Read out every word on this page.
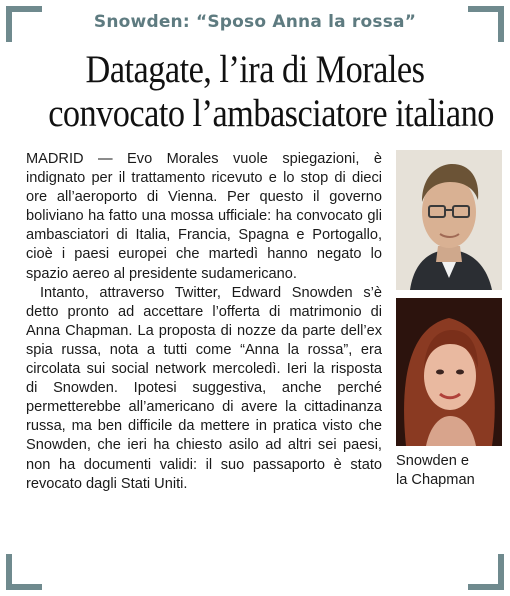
Snowden: “Sposo Anna la rossa”
Datagate, l’ira di Morales
convocato l’ambasciatore italiano

MADRID — Evo Morales vuole spiegazioni, è indignato per il trattamento ricevuto e lo stop di dieci ore all’aeroporto di Vienna. Per questo il governo boliviano ha fatto una mossa ufficiale: ha convocato gli ambasciatori di Italia, Francia, Spagna e Portogallo, cioè i paesi europei che martedì hanno negato lo spazio aereo al presidente sudamericano.

Intanto, attraverso Twitter, Edward Snowden s’è detto pronto ad accettare l’offerta di matrimonio di Anna Chapman. La proposta di nozze da parte dell’ex spia russa, nota a tutti come “Anna la rossa”, era circolata sui social network mercoledì. Ieri la risposta di Snowden. Ipotesi suggestiva, anche perché permetterebbe all’americano di avere la cittadinanza russa, ma ben difficile da mettere in pratica visto che Snowden, che ieri ha chiesto asilo ad altri sei paesi, non ha documenti validi: il suo passaporto è stato revocato dagli Stati Uniti.

Snowden e
la Chapman
